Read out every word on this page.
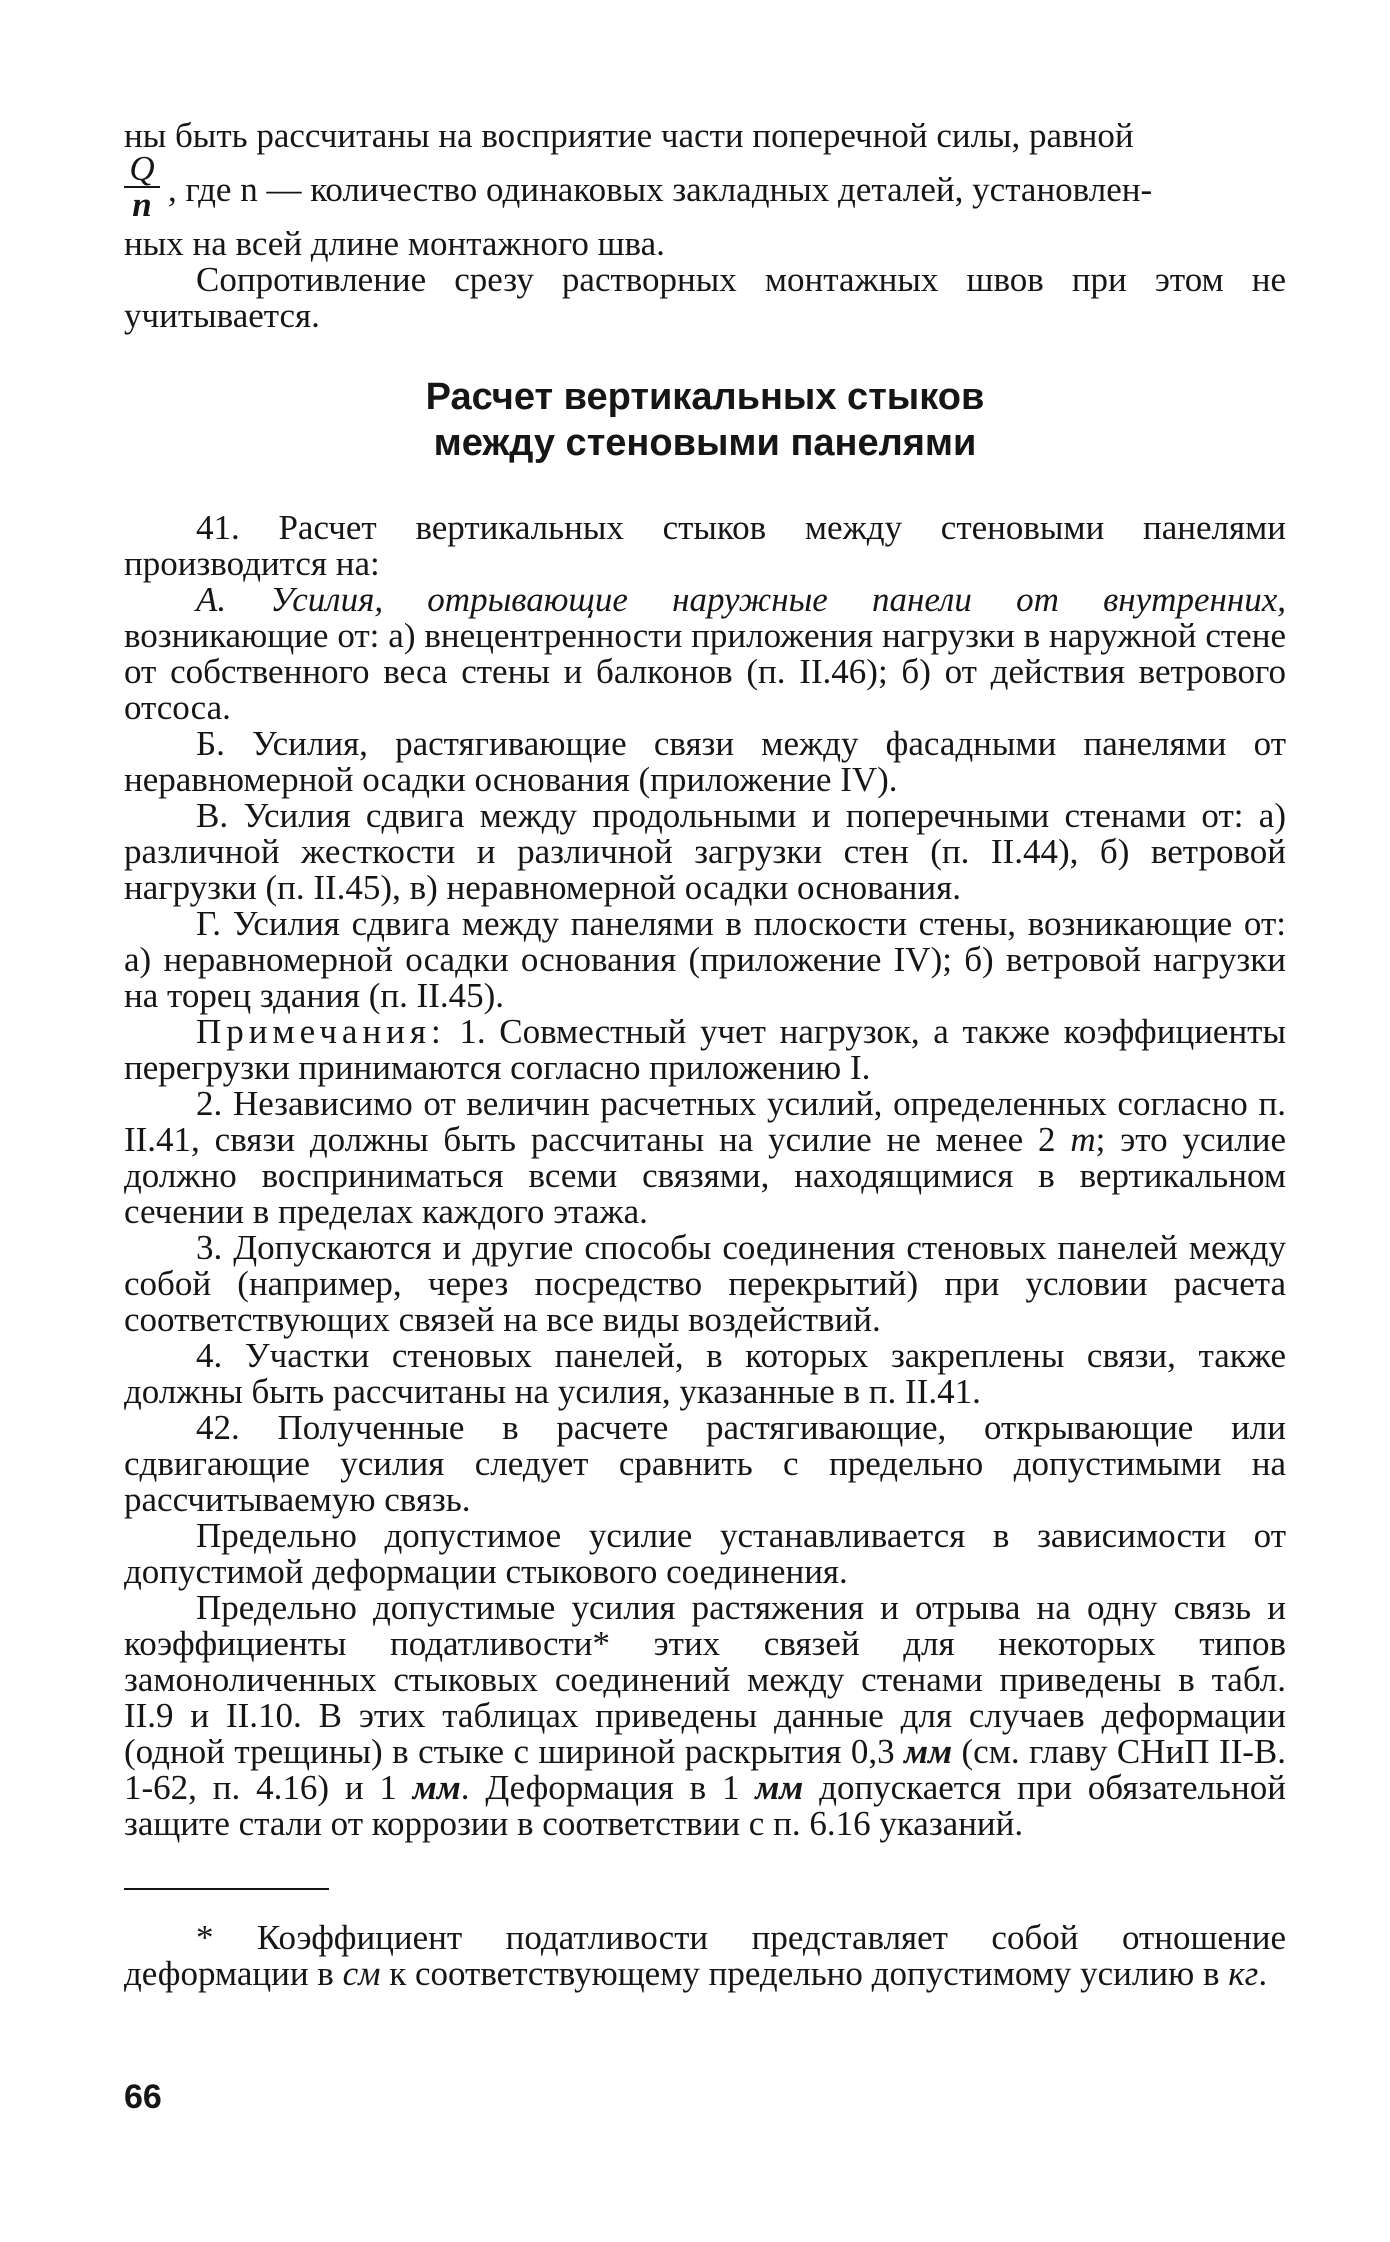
ны быть рассчитаны на восприятие части поперечной силы, равной

Q
n , где n — количество одинаковых закладных деталей, установлен-

ных на всей длине монтажного шва.

Сопротивление срезу растворных монтажных швов при этом не учитывается.

Расчет вертикальных стыков
между стеновыми панелями

41. Расчет вертикальных стыков между стеновыми панелями производится на:

А. Усилия, отрывающие наружные панели от внутренних, возникающие от: а) внецентренности приложения нагрузки в наружной стене от собственного веса стены и балконов (п. II.46); б) от действия ветрового отсоса.

Б. Усилия, растягивающие связи между фасадными панелями от неравномерной осадки основания (приложение IV).

В. Усилия сдвига между продольными и поперечными стенами от: а) различной жесткости и различной загрузки стен (п. II.44), б) ветровой нагрузки (п. II.45), в) неравномерной осадки основания.

Г. Усилия сдвига между панелями в плоскости стены, возникающие от: а) неравномерной осадки основания (приложение IV); б) ветровой нагрузки на торец здания (п. II.45).

Примечания: 1. Совместный учет нагрузок, а также коэффициенты перегрузки принимаются согласно приложению I.

2. Независимо от величин расчетных усилий, определенных согласно п. II.41, связи должны быть рассчитаны на усилие не менее 2 т; это усилие должно восприниматься всеми связями, находящимися в вертикальном сечении в пределах каждого этажа.

3. Допускаются и другие способы соединения стеновых панелей между собой (например, через посредство перекрытий) при условии расчета соответствующих связей на все виды воздействий.

4. Участки стеновых панелей, в которых закреплены связи, также должны быть рассчитаны на усилия, указанные в п. II.41.

42. Полученные в расчете растягивающие, открывающие или сдвигающие усилия следует сравнить с предельно допустимыми на рассчитываемую связь.

Предельно допустимое усилие устанавливается в зависимости от допустимой деформации стыкового соединения.

Предельно допустимые усилия растяжения и отрыва на одну связь и коэффициенты податливости* этих связей для некоторых типов замоноличенных стыковых соединений между стенами приведены в табл. II.9 и II.10. В этих таблицах приведены данные для случаев деформации (одной трещины) в стыке с шириной раскрытия 0,3 мм (см. главу СНиП II-В. 1-62, п. 4.16) и 1 мм. Деформация в 1 мм допускается при обязательной защите стали от коррозии в соответствии с п. 6.16 указаний.

* Коэффициент податливости представляет собой отношение деформации в см к соответствующему предельно допустимому усилию в кг.

66
